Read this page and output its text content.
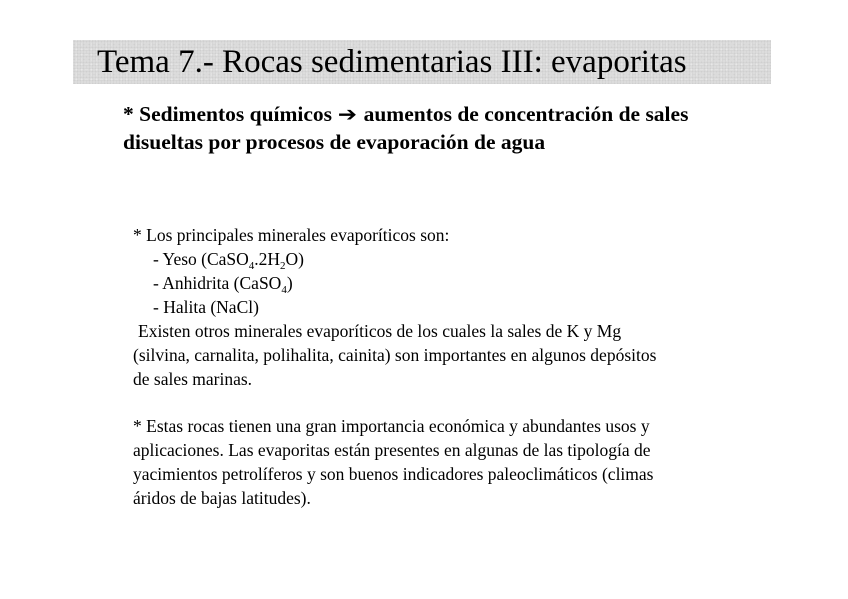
Tema 7.- Rocas sedimentarias III: evaporitas
* Sedimentos químicos ➔ aumentos de concentración de sales disueltas por procesos de evaporación de agua
* Los principales minerales evaporíticos son:
- Yeso $(CaSO_4.2H_2O)$
- Anhidrita (CaSO$_4$)
- Halita (NaCl)
Existen otros minerales evaporíticos de los cuales la sales de K y Mg
(silvina, carnalita, polihalita, cainita) son importantes en algunos depósitos
de sales marinas.
* Estas rocas tienen una gran importancia económica y abundantes usos y
aplicaciones. Las evaporitas están presentes en algunas de las tipología de
yacimientos petrolíferos y son buenos indicadores paleoclimáticos (climas
áridos de bajas latitudes).
